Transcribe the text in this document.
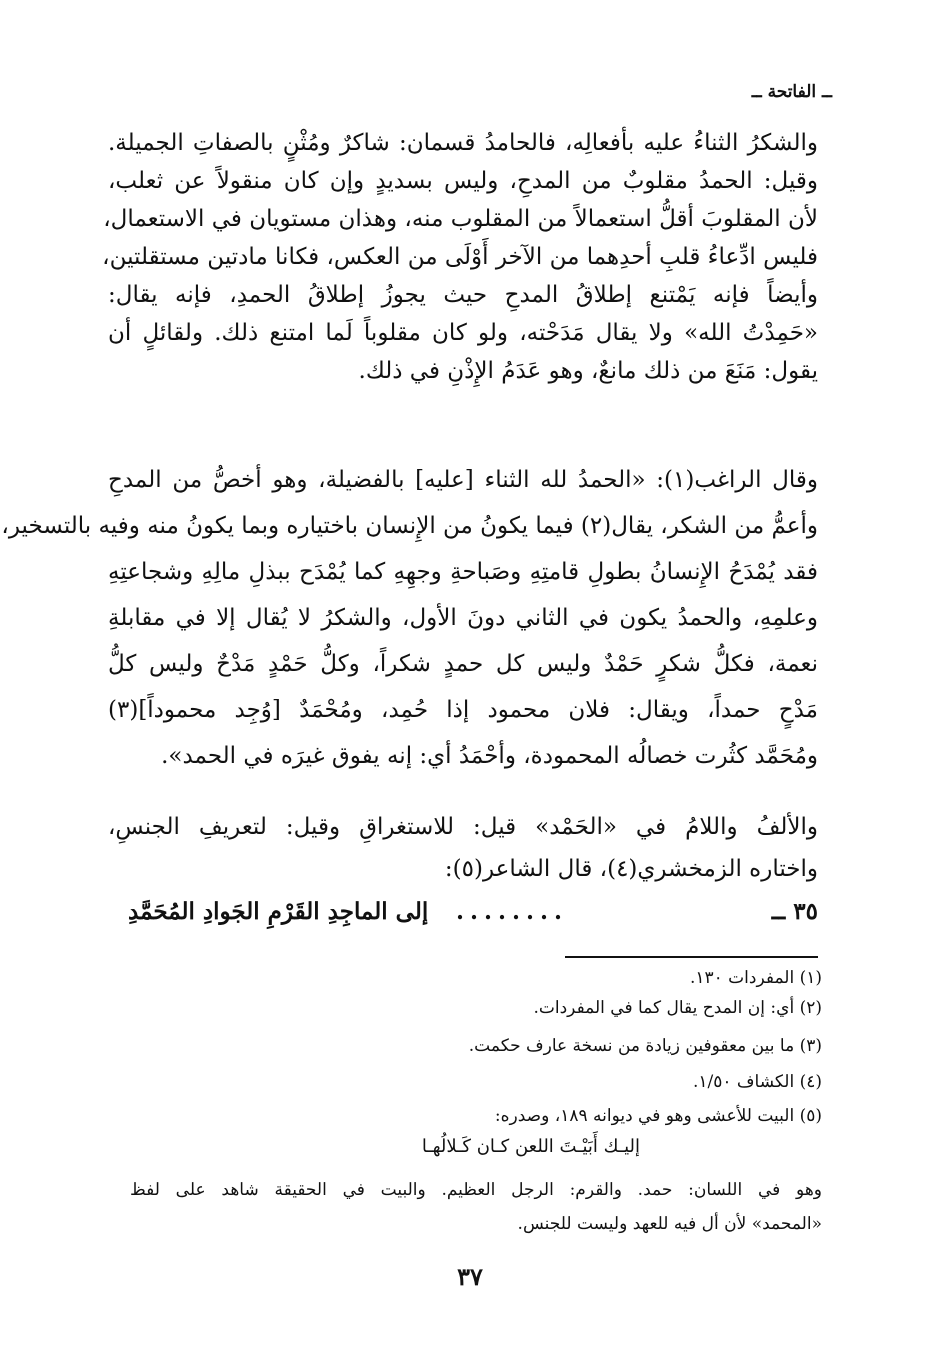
ــ الفاتحة ــ
والشكرُ الثناءُ عليه بأفعالِه، فالحامدُ قسمان: شاكرٌ ومُثْنٍ بالصفاتِ الجميلة.
وقيل: الحمدُ مقلوبٌ من المدحِ، وليس بسديدٍ وإن كان منقولاً عن ثعلب،
لأن المقلوبَ أقلُّ استعمالاً من المقلوب منه، وهذان مستويان في الاستعمال،
فليس ادِّعاءُ قلبِ أحدِهما من الآخر أَوْلَى من العكس، فكانا مادتين مستقلتين،
وأيضاً فإنه يَمْتنع إطلاقُ المدحِ حيث يجوزُ إطلاقُ الحمدِ، فإنه يقال:
«حَمِدْتُ الله» ولا يقال مَدَحْته، ولو كان مقلوباً لَما امتنع ذلك. ولقائلٍ أن
يقول: مَنَعَ من ذلك مانعٌ، وهو عَدَمُ الإِذْنِ في ذلك.
وقال الراغب(١): «الحمدُ لله الثناء [عليه] بالفضيلة، وهو أخصُّ من المدحِ
وأعمُّ من الشكر، يقال(٢) فيما يكونُ من الإِنسان باختياره وبما يكونُ منه وفيه بالتسخير،
فقد يُمْدَحُ الإِنسانُ بطولِ قامتِهِ وصَباحةِ وجهِهِ كما يُمْدَح ببذلِ مالِهِ وشجاعتِهِ
وعلمِهِ، والحمدُ يكون في الثاني دونَ الأول، والشكرُ لا يُقال إلا في مقابلةِ
نعمة، فكلُّ شكرٍ حَمْدٌ وليس كل حمدٍ شكراً، وكلُّ حَمْدٍ مَدْحٌ وليس كلُّ
مَدْحٍ حمداً، ويقال: فلان محمود إذا حُمِد، ومُحْمَدٌ [وُجِد محموداً](٣)
ومُحَمَّد كثُرت خصالُه المحمودة، وأحْمَدُ أي: إنه يفوق غيرَه في الحمد».
والألفُ واللامُ في «الحَمْد» قيل: للاستغراقِ وقيل: لتعريفِ الجنسِ،
واختاره الزمخشري(٤)، قال الشاعر(٥):
٣٥ ــ
........
إلى الماجِدِ القَرْمِ الجَوادِ المُحَمَّدِ
(١) المفردات ١٣٠.
(٢) أي: إن المدح يقال كما في المفردات.
(٣) ما بين معقوفين زيادة من نسخة عارف حكمت.
(٤) الكشاف ١/٥٠.
(٥) البيت للأعشى وهو في ديوانه ١٨٩، وصدره:
إليـك أَبَيْـتَ اللعن كـان كَـلالُهـا
وهو في اللسان: حمد. والقرم: الرجل العظيم. والبيت في الحقيقة شاهد على لفظ
«المحمد» لأن أل فيه للعهد وليست للجنس.
٣٧
